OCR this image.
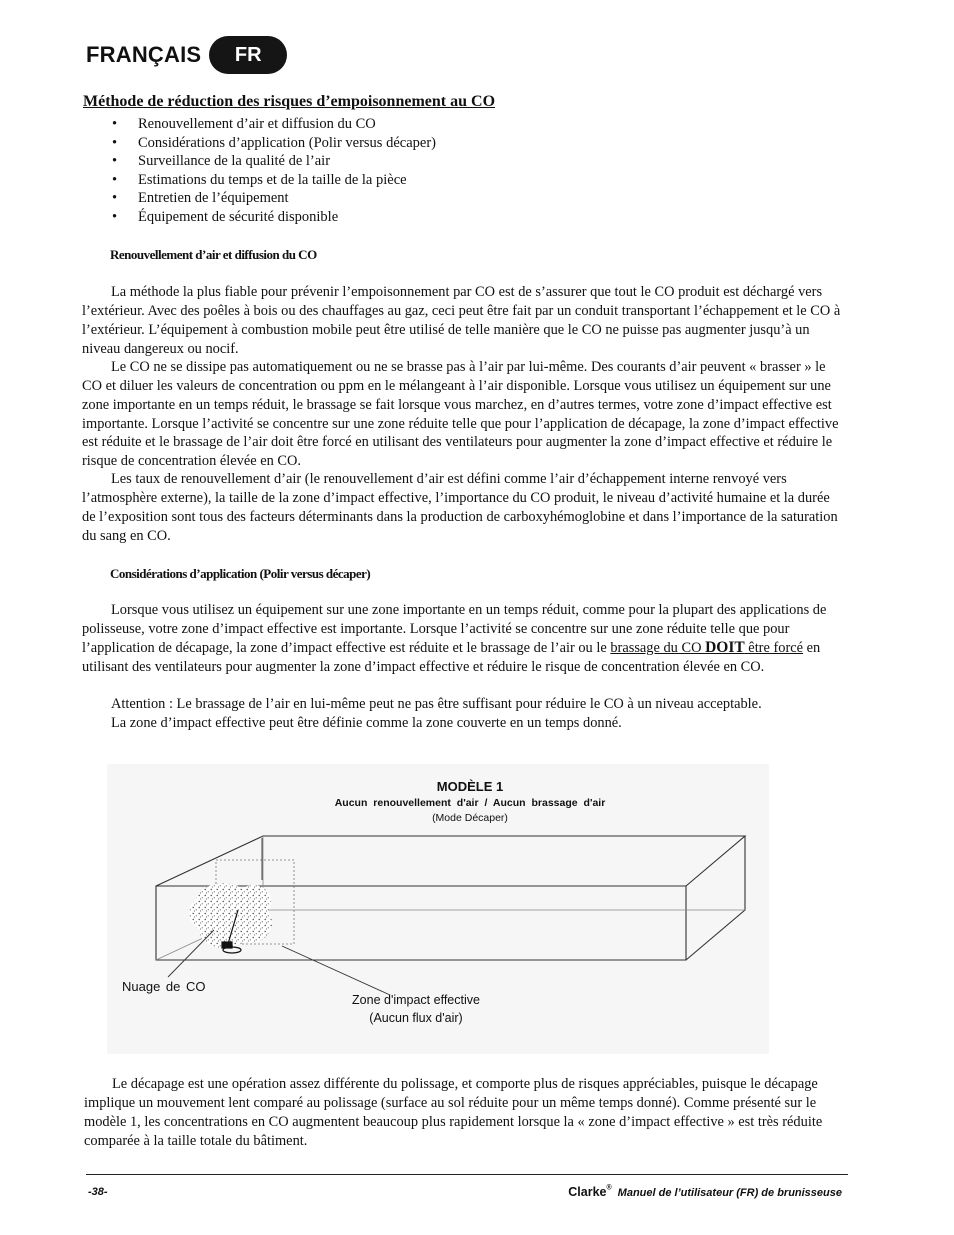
FRANÇAIS	FR
Méthode de réduction des risques d’empoisonnement au CO
• Renouvellement d’air et diffusion du CO
• Considérations d’application (Polir versus décaper)
• Surveillance de la qualité de l’air
• Estimations du temps et de la taille de la pièce
• Entretien de l’équipement
• Équipement de sécurité disponible
Renouvellement d’air et diffusion du CO

La méthode la plus fiable pour prévenir l’empoisonnement par CO est de s’assurer que tout le CO produit est déchargé vers l’extérieur. Avec des poêles à bois ou des chauffages au gaz, ceci peut être fait par un conduit transportant l’échappement et le CO à l’extérieur. L’équipement à combustion mobile peut être utilisé de telle manière que le CO ne puisse pas augmenter jusqu’à un niveau dangereux ou nocif.

Le CO ne se dissipe pas automatiquement ou ne se brasse pas à l’air par lui-même. Des courants d’air peuvent « brasser » le CO et diluer les valeurs de concentration ou ppm en le mélangeant à l’air disponible. Lorsque vous utilisez un équipement sur une zone importante en un temps réduit, le brassage se fait lorsque vous marchez, en d’autres termes, votre zone d’impact effective est importante. Lorsque l’activité se concentre sur une zone réduite telle que pour l’application de décapage, la zone d’impact effective est réduite et le brassage de l’air doit être forcé en utilisant des ventilateurs pour augmenter la zone d’impact effective et réduire le risque de concentration élevée en CO.

Les taux de renouvellement d’air (le renouvellement d’air est défini comme l’air d’échappement interne renvoyé vers l’atmosphère externe), la taille de la zone d’impact effective, l’importance du CO produit, le niveau d’activité humaine et la durée de l’exposition sont tous des facteurs déterminants dans la production de carboxyhémoglobine et dans l’importance de la saturation du sang en CO.

Considérations d’application (Polir versus décaper)

Lorsque vous utilisez un équipement sur une zone importante en un temps réduit, comme pour la plupart des applications de polisseuse, votre zone d’impact effective est importante. Lorsque l’activité se concentre sur une zone réduite telle que pour l’application de décapage, la zone d’impact effective est réduite et le brassage de l’air ou le brassage du CO DOIT être forcé en utilisant des ventilateurs pour augmenter la zone d’impact effective et réduire le risque de concentration élevée en CO.

Attention : Le brassage de l’air en lui-même peut ne pas être suffisant pour réduire le CO à un niveau acceptable.
La zone d’impact effective peut être définie comme la zone couverte en un temps donné.
MODÈLE 1
Aucun renouvellement d'air / Aucun brassage d'air
(Mode Décaper)
Nuage de CO
Zone d'impact effective
(Aucun flux d'air)

Le décapage est une opération assez différente du polissage, et comporte plus de risques appréciables, puisque le décapage implique un mouvement lent comparé au polissage (surface au sol réduite pour un même temps donné). Comme présenté sur le modèle 1, les concentrations en CO augmentent beaucoup plus rapidement lorsque la « zone d’impact effective » est très réduite comparée à la taille totale du bâtiment.

-38-	Clarke® Manuel de l’utilisateur (FR) de brunisseuse
